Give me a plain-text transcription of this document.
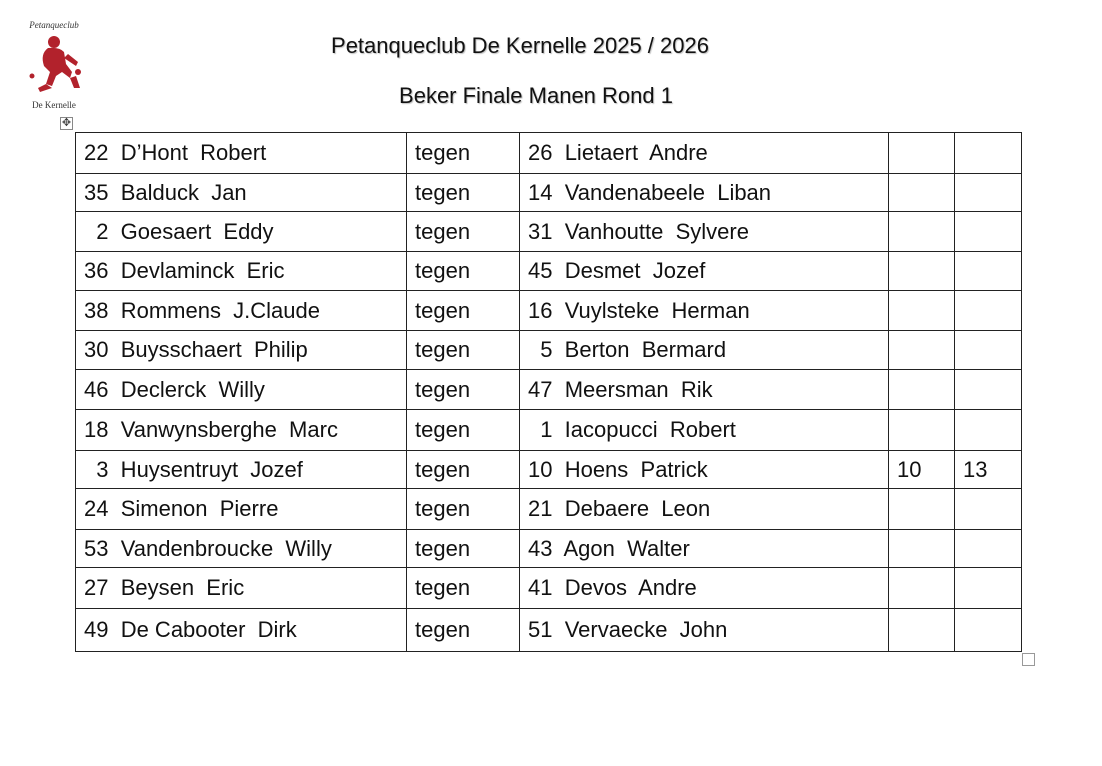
Petanqueclub
De Kernelle
Petanqueclub De Kernelle 2025 / 2026
Beker Finale Manen Rond 1
✥
22  D’Hont  Robert	tegen	26  Lietaert  Andre		
35  Balduck  Jan	tegen	14  Vandenabeele  Liban		
2  Goesaert  Eddy	tegen	31  Vanhoutte  Sylvere		
36  Devlaminck  Eric	tegen	45  Desmet  Jozef		
38  Rommens  J.Claude	tegen	16  Vuylsteke  Herman		
30  Buysschaert  Philip	tegen	5  Berton  Bermard		
46  Declerck  Willy	tegen	47  Meersman  Rik		
18  Vanwynsberghe  Marc	tegen	1  Iacopucci  Robert		
3  Huysentruyt  Jozef	tegen	10  Hoens  Patrick	10	13
24  Simenon  Pierre	tegen	21  Debaere  Leon		
53  Vandenbroucke  Willy	tegen	43  Agon  Walter		
27  Beysen  Eric	tegen	41  Devos  Andre		
49  De Cabooter  Dirk	tegen	51  Vervaecke  John		
